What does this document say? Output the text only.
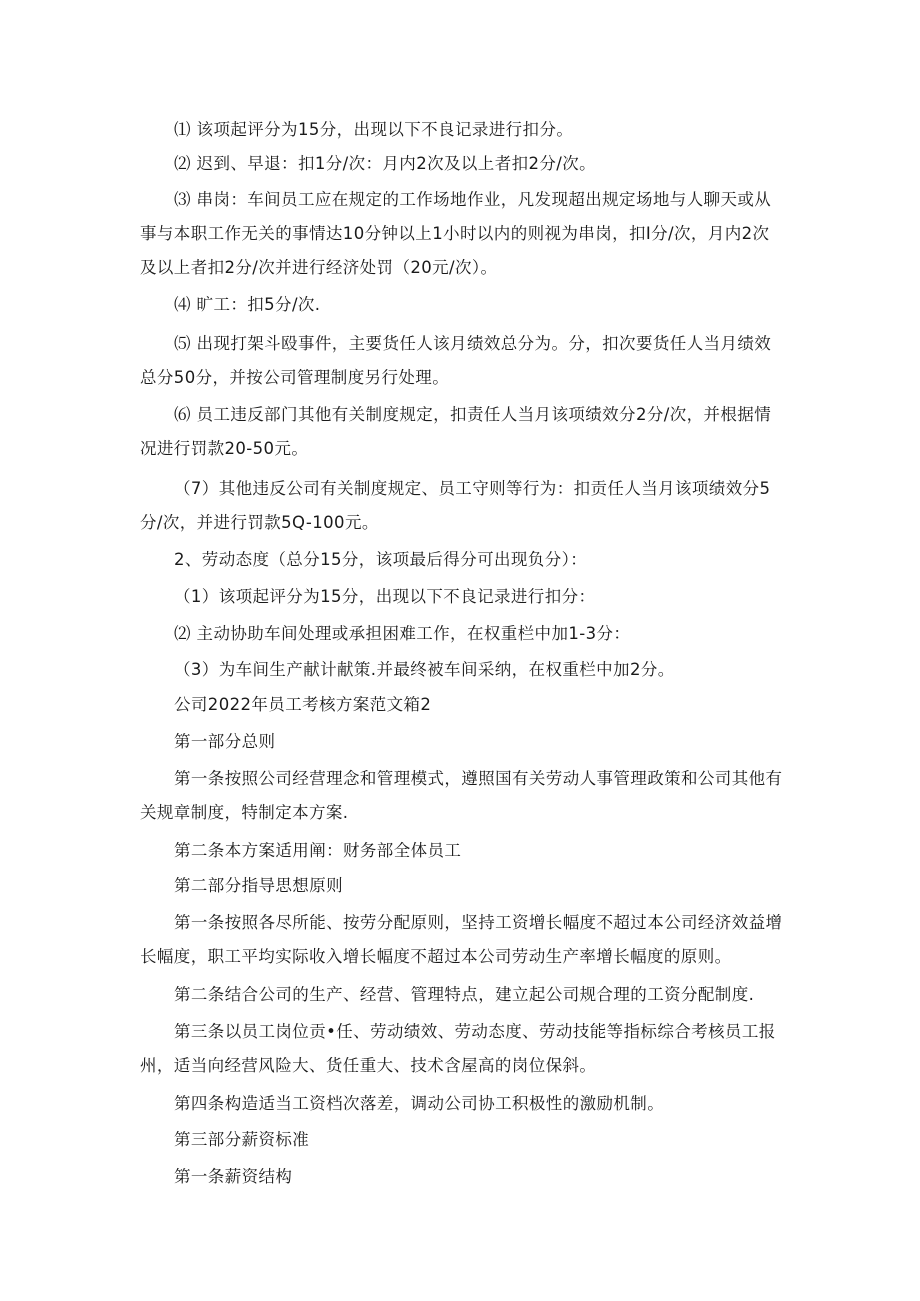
⑴ 该项起评分为15分，出现以下不良记录进行扣分。

⑵ 迟到、早退：扣1分/次：月内2次及以上者扣2分/次。

⑶ 串岗：车间员工应在规定的工作场地作业，凡发现超出规定场地与人聊天或从事与本职工作无关的事情达10分钟以上1小时以内的则视为串岗，扣I分/次，月内2次及以上者扣2分/次并进行经济处罚（20元/次）。

⑷ 旷工：扣5分/次.

⑸ 出现打架斗殴事件，主要货任人该月绩效总分为。分，扣次要货任人当月绩效总分50分，并按公司管理制度另行处理。

⑹ 员工违反部门其他有关制度规定，扣责任人当月该项绩效分2分/次，并根据情况进行罚款20-50元。

（7）其他违反公司有关制度规定、员工守则等行为：扣贡任人当月该项绩效分5分/次，并进行罚款5Q-100元。

2、劳动态度（总分15分，该项最后得分可出现负分）：

（1）该项起评分为15分，出现以下不良记录进行扣分：

⑵ 主动协助车间处理或承担困难工作，在权重栏中加1-3分：

（3）为车间生产献计献策.并最终被车间采纳，在权重栏中加2分。

公司2022年员工考核方案范文箱2

第一部分总则

第一条按照公司经营理念和管理模式，遵照国有关劳动人事管理政策和公司其他有关规章制度，特制定本方案.

第二条本方案适用阐：财务部全体员工

第二部分指导思想原则

第一条按照各尽所能、按劳分配原则，坚持工资增长幅度不超过本公司经济效益增长幅度，职工平均实际收入增长幅度不超过本公司劳动生产率增长幅度的原则。

第二条结合公司的生产、经营、管理特点，建立起公司规合理的工资分配制度.

第三条以员工岗位贡•任、劳动绩效、劳动态度、劳动技能等指标综合考核员工报州，适当向经营风险大、货任重大、技术含屋高的岗位保斜。

第四条构造适当工资档次落差，调动公司协工积极性的激励机制。

第三部分薪资标准

第一条薪资结构
